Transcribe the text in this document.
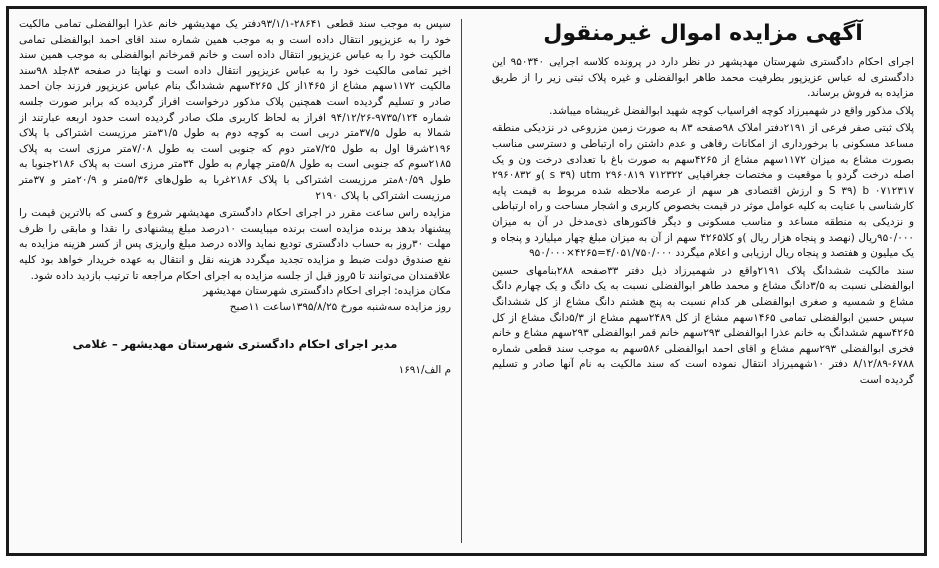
آگهی مزایده اموال غیرمنقول

اجرای احکام دادگستری شهرستان مهدیشهر در نظر دارد در پرونده کلاسه اجرایی ۹۵۰۳۴۰ این دادگستری له عباس عزیزپور بطرفیت محمد طاهر ابوالفضلی و غیره پلاک ثبتی زیر را از طریق مزایده به فروش برساند.

پلاک مذکور واقع در شهمیرزاد کوچه افراسیاب کوچه شهید ابوالفضل غریبشاه میباشد.

پلاک ثبتی صفر فرعی از ۲۱۹۱دفتر املاک ۹۸صفحه ۸۳ به صورت زمین مزروعی در نزدیکی منطقه مساعد مسکونی با برخورداری از امکانات رفاهی و عدم داشتن راه ارتباطی و دسترسی مناسب بصورت مشاع به میزان ۱۱۷۲سهم مشاع از ۴۲۶۵سهم به صورت باغ با تعدادی درخت ون و یک اصله درخت گردو با موقعیت و مختصات جغرافیایی ۷۱۲۳۲۲ s ۳۹) utm ۲۹۶۰۸۱۹ )و ۲۹۶۰۸۳۲ ۰۷۱۲۳۱۷ S ۳۹) b و ارزش اقتصادی هر سهم از عرصه ملاحظه شده مربوط به قیمت پایه کارشناسی با عنایت به کلیه عوامل موثر در قیمت بخصوص کاربری و اشجار مساحت و راه ارتباطی و نزدیکی به منطقه مساعد و مناسب مسکونی و دیگر فاکتورهای ذی‌مدخل در آن به میزان ۹۵۰/۰۰۰ریال (نهصد و پنجاه هزار ریال )و کلا۴۲۶۵ سهم از آن به میزان مبلغ چهار میلیارد و پنجاه و یک میلیون و هفتصد و پنجاه ریال ارزیابی و اعلام میگردد ۴/۰۵۱/۷۵۰/۰۰۰=۴۲۶۵×۹۵۰/۰۰۰

سند مالکیت ششدانگ پلاک ۲۱۹۱واقع در شهمیرزاد ذیل دفتر ۳۳صفحه ۲۸۸بنامهای حسین ابوالفضلی نسبت به ۳/۵دانگ مشاع و محمد طاهر ابوالفضلی نسبت به یک دانگ و یک چهارم دانگ مشاع و شمسیه و صغری ابوالفضلی هر کدام نسبت به پنج هشتم دانگ مشاع از کل ششدانگ سپس حسین ابوالفضلی تمامی ۱۴۶۵سهم مشاع از کل ۲۴۸۹سهم مشاع از ۵/۳دانگ مشاع از کل ۴۲۶۵سهم ششدانگ به خانم عذرا ابوالفضلی ۲۹۳سهم خانم قمر ابوالفضلی ۲۹۳سهم مشاع و خانم فخری ابوالفضلی ۲۹۳سهم مشاع و اقای احمد ابوالفضلی ۵۸۶سهم به موجب سند قطعی شماره ۶۷۸۸-۸/۱۲/۸۹ دفتر ۱۰شهمیرزاد انتقال نموده است که سند مالکیت به نام آنها صادر و تسلیم گردیده است

سپس به موجب سند قطعی ۲۸۶۴۱-۹۳/۱/۱دفتر یک مهدیشهر خانم عذرا ابوالفضلی تمامی مالکیت خود را به عزیزپور انتقال داده است و به موجب همین شماره سند اقای احمد ابوالفضلی تمامی مالکیت خود را به عباس عزیزپور انتقال داده است و خانم قمرخانم ابوالفضلی به موجب همین سند اخیر تمامی مالکیت خود را به عباس عزیزپور انتقال داده است و نهایتا در صفحه ۸۳جلد ۹۸سند مالکیت ۱۱۷۲سهم مشاع از ۱۴۶۵از کل ۴۲۶۵سهم ششدانگ بنام عباس عزیزپور فرزند جان احمد صادر و تسلیم گردیده است همچنین پلاک مذکور درخواست افراز گردیده که برابر صورت جلسه شماره ۹۷۳۵/۱۲۴-۹۴/۱۲/۲۶ افراز به لحاظ کاربری ملک صادر گردیده است حدود اربعه عبارتند از شمالا به طول ۳۷/۵متر دربی است به کوچه دوم به طول ۳۱/۵متر مرزیست اشتراکی با پلاک ۲۱۹۶شرقا اول به طول ۷/۲۵متر دوم که جنوبی است به طول ۷/۰۸متر مرزی است به پلاک ۲۱۸۵سوم که جنوبی است به طول ۵/۸متر چهارم به طول ۳۴متر مرزی است به پلاک ۲۱۸۶جنوبا به طول ۸۰/۵۹متر مرزیست اشتراکی با پلاک ۲۱۸۶غربا به طول‌های ۵/۳۶متر و ۲۰/۹متر و ۳۷متر مرزیست اشتراکی با پلاک ۲۱۹۰

مزایده راس ساعت مقرر در اجرای احکام دادگستری مهدیشهر شروع و کسی که بالاترین قیمت را پیشنهاد بدهد برنده مزایده است برنده میبایست ۱۰درصد مبلغ پیشنهادی را نقدا و مابقی را ظرف مهلت ۳۰روز به حساب دادگستری تودیع نماید والاده درصد مبلغ واریزی پس از کسر هزینه مزایده به نفع صندوق دولت ضبط و مزایده تجدید میگردد هزینه نقل و انتقال به عهده خریدار خواهد بود کلیه علاقمندان می‌توانند تا ۵روز قبل از جلسه مزایده به اجرای احکام مراجعه تا ترتیب بازدید داده شود.

مکان مزایده: اجرای احکام دادگستری شهرستان مهدیشهر

روز مزایده سه‌شنبه مورخ ۱۳۹۵/۸/۲۵ساعت ۱۱صبح

مدیر اجرای احکام دادگستری شهرستان مهدیشهر – غلامی
م الف/۱۶۹۱
